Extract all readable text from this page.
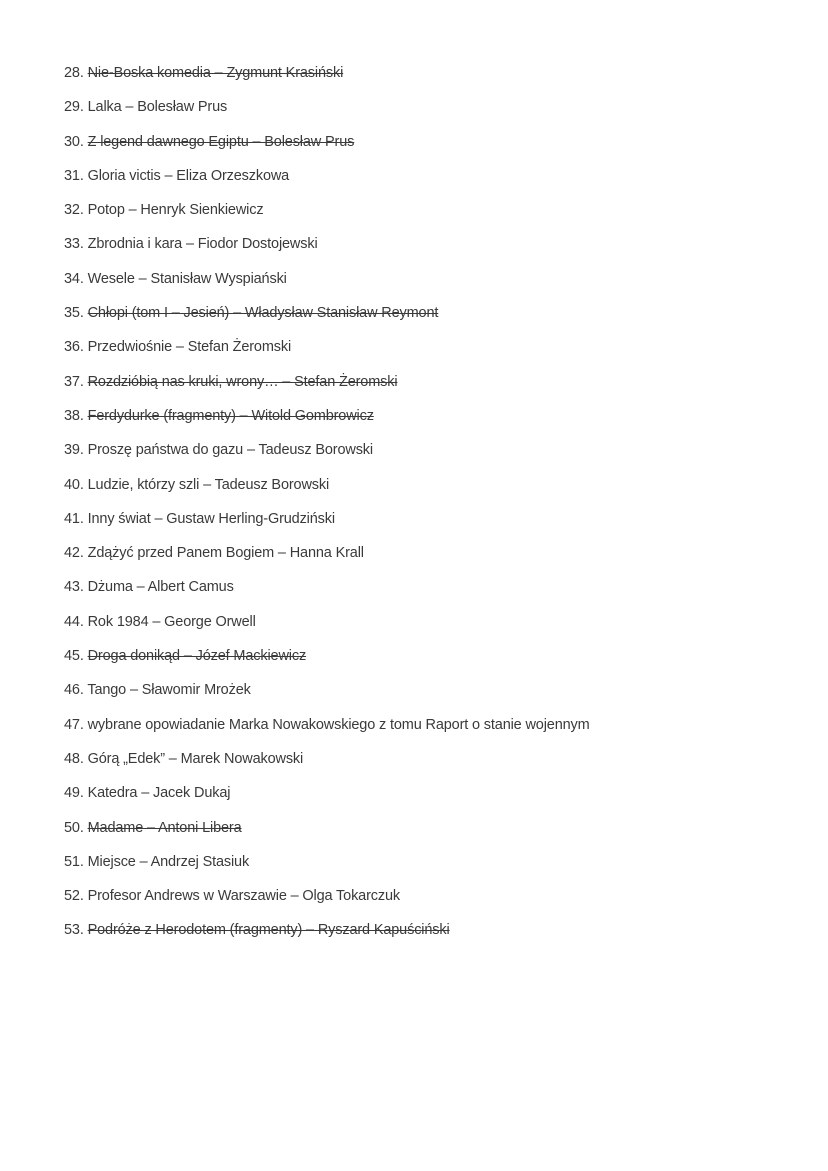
28. Nie-Boska komedia – Zygmunt Krasiński
29. Lalka – Bolesław Prus
30. Z legend dawnego Egiptu – Bolesław Prus
31. Gloria victis – Eliza Orzeszkowa
32. Potop – Henryk Sienkiewicz
33. Zbrodnia i kara – Fiodor Dostojewski
34. Wesele – Stanisław Wyspiański
35. Chłopi (tom I – Jesień) – Władysław Stanisław Reymont
36. Przedwiośnie – Stefan Żeromski
37. Rozdzióbią nas kruki, wrony… – Stefan Żeromski
38. Ferdydurke (fragmenty) – Witold Gombrowicz
39. Proszę państwa do gazu – Tadeusz Borowski
40. Ludzie, którzy szli – Tadeusz Borowski
41. Inny świat – Gustaw Herling-Grudziński
42. Zdążyć przed Panem Bogiem – Hanna Krall
43. Dżuma – Albert Camus
44. Rok 1984 – George Orwell
45. Droga donikąd – Józef Mackiewicz
46. Tango – Sławomir Mrożek
47. wybrane opowiadanie Marka Nowakowskiego z tomu Raport o stanie wojennym
48. Górą „Edek” – Marek Nowakowski
49. Katedra – Jacek Dukaj
50. Madame – Antoni Libera
51. Miejsce – Andrzej Stasiuk
52. Profesor Andrews w Warszawie – Olga Tokarczuk
53. Podróże z Herodotem (fragmenty) – Ryszard Kapuściński
